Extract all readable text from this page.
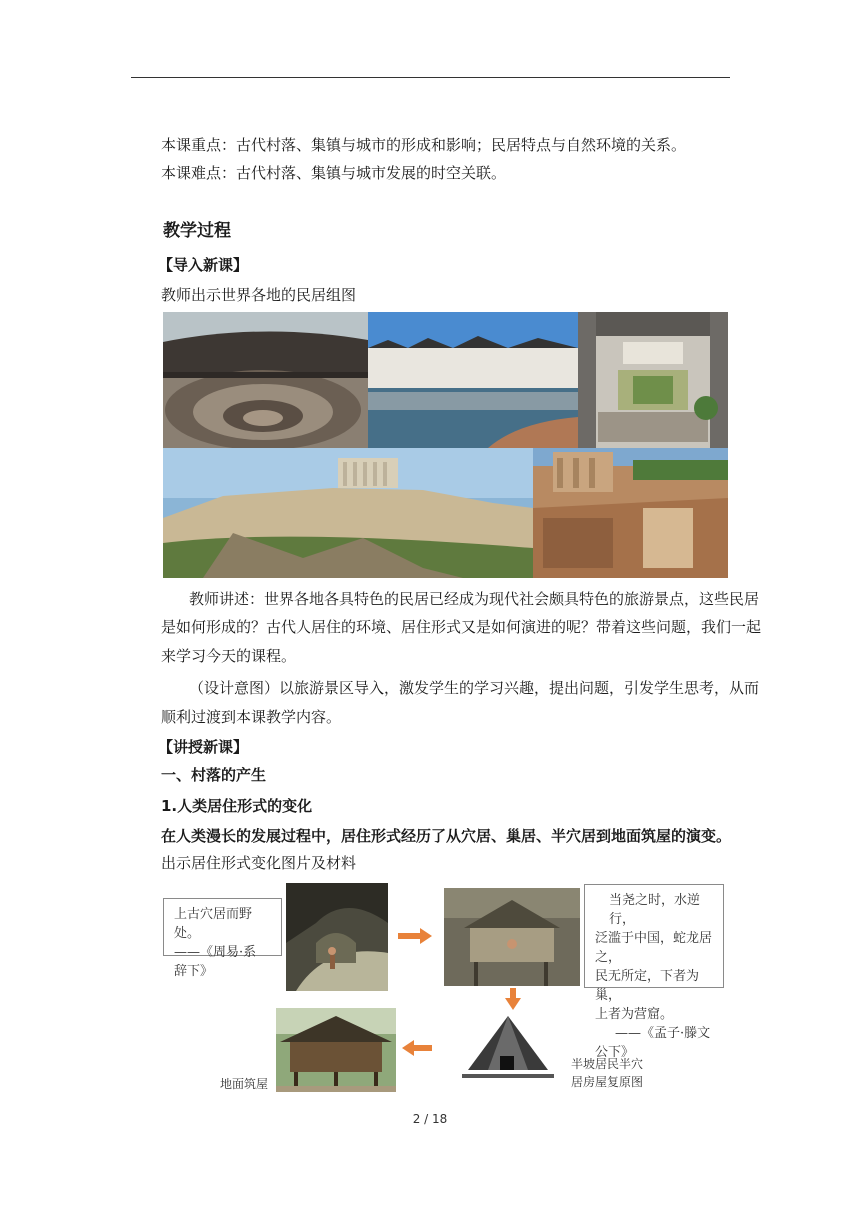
本课重点：古代村落、集镇与城市的形成和影响；民居特点与自然环境的关系。
本课难点：古代村落、集镇与城市发展的时空关联。
教学过程
【导入新课】
教师出示世界各地的民居组图
教师讲述：世界各地各具特色的民居已经成为现代社会颇具特色的旅游景点，这些民居
是如何形成的？古代人居住的环境、居住形式又是如何演进的呢？带着这些问题，我们一起
来学习今天的课程。
（设计意图）以旅游景区导入，激发学生的学习兴趣，提出问题，引发学生思考，从而
顺利过渡到本课教学内容。
【讲授新课】
一、村落的产生
1.人类居住形式的变化
在人类漫长的发展过程中，居住形式经历了从穴居、巢居、半穴居到地面筑屋的演变。
出示居住形式变化图片及材料
上古穴居而野处。
——《周易·系
辞下》
当尧之时，水逆行，
泛滥于中国，蛇龙居之，
民无所定，下者为巢，
上者为营窟。
——《孟子·滕文
公下》
半坡居民半穴
居房屋复原图
地面筑屋
2 / 18
